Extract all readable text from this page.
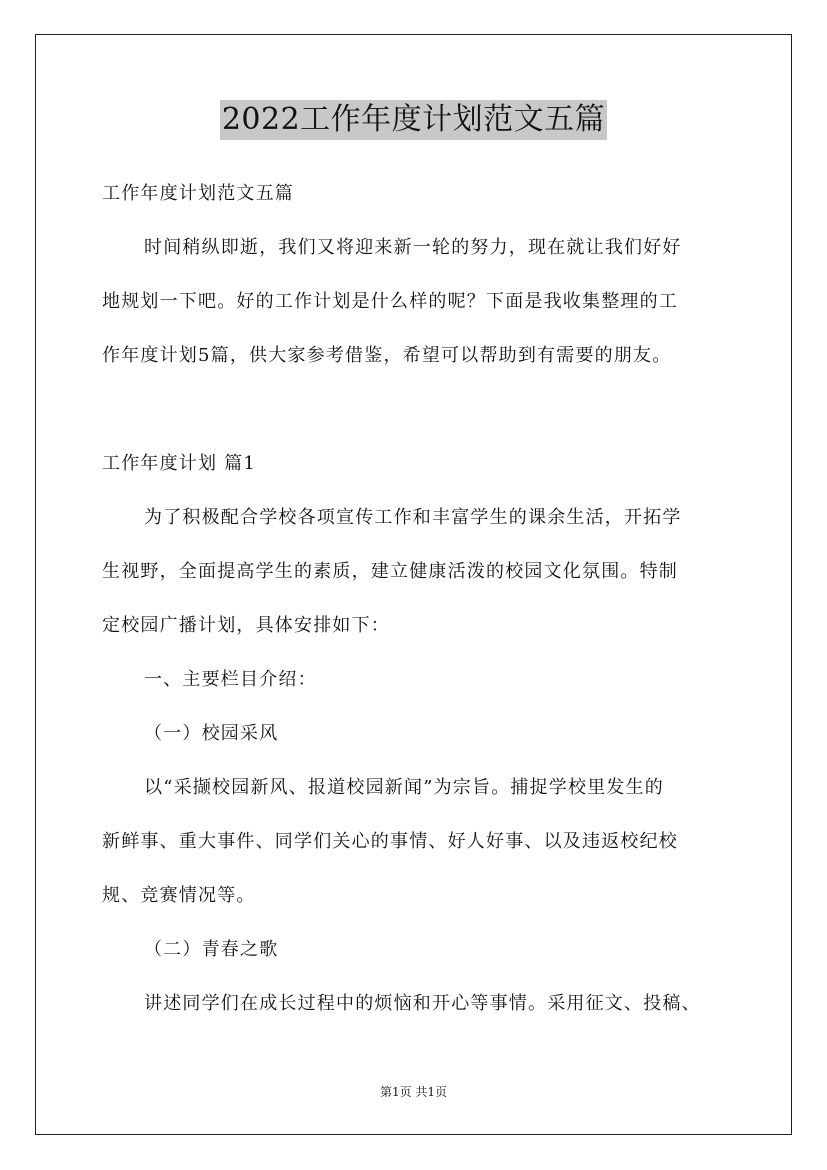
2022工作年度计划范文五篇
工作年度计划范文五篇
时间稍纵即逝，我们又将迎来新一轮的努力，现在就让我们好好
地规划一下吧。好的工作计划是什么样的呢？下面是我收集整理的工
作年度计划5篇，供大家参考借鉴，希望可以帮助到有需要的朋友。
工作年度计划 篇1
为了积极配合学校各项宣传工作和丰富学生的课余生活，开拓学
生视野，全面提高学生的素质，建立健康活泼的校园文化氛围。特制
定校园广播计划，具体安排如下：
一、主要栏目介绍：
（一）校园采风
以“采撷校园新风、报道校园新闻”为宗旨。捕捉学校里发生的
新鲜事、重大事件、同学们关心的事情、好人好事、以及违返校纪校
规、竞赛情况等。
（二）青春之歌
讲述同学们在成长过程中的烦恼和开心等事情。采用征文、投稿、
第1页 共1页
